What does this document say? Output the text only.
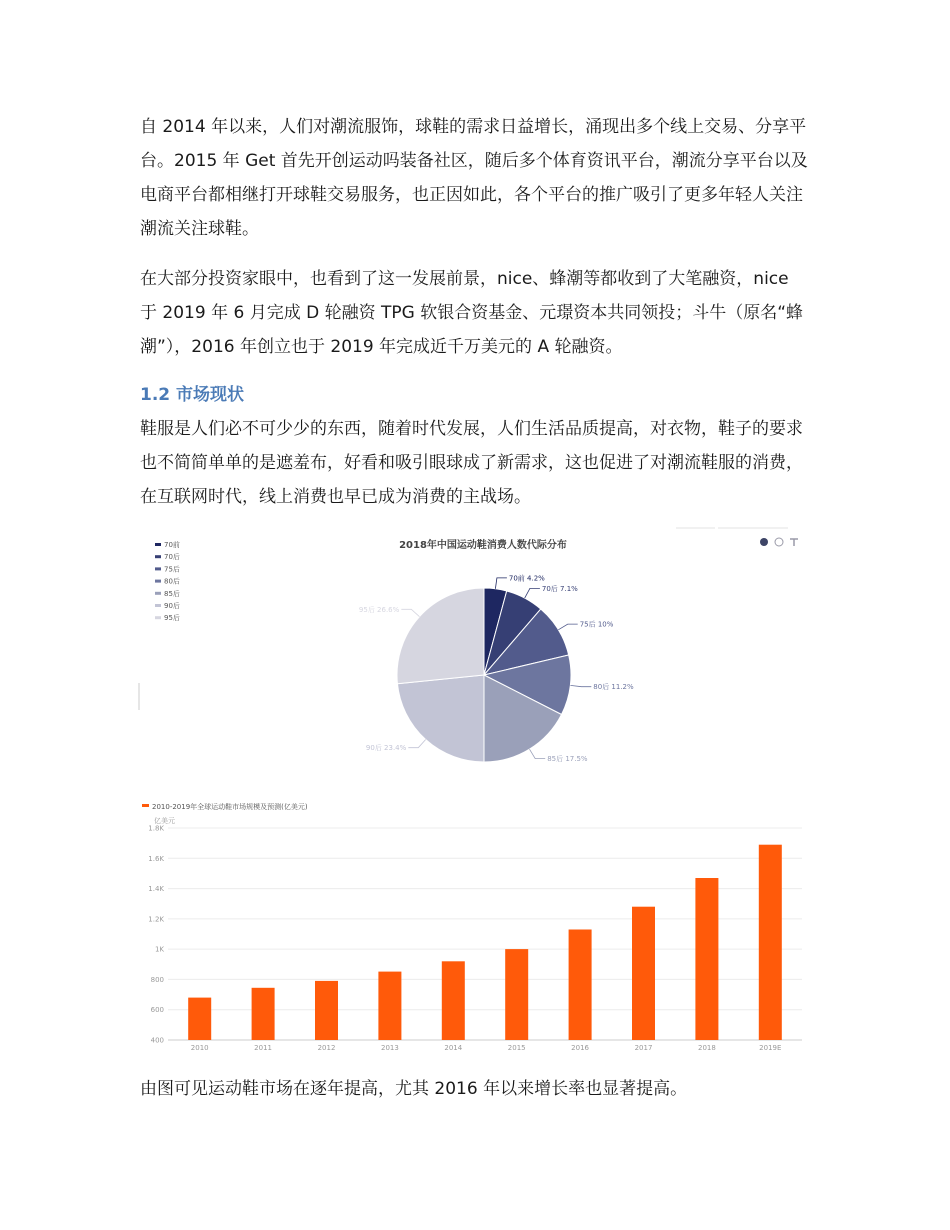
自 2014 年以来，人们对潮流服饰，球鞋的需求日益增长，涌现出多个线上交易、分享平
台。2015 年 Get 首先开创运动吗装备社区，随后多个体育资讯平台，潮流分享平台以及
电商平台都相继打开球鞋交易服务，也正因如此，各个平台的推广吸引了更多年轻人关注
潮流关注球鞋。
在大部分投资家眼中，也看到了这一发展前景，nice、蜂潮等都收到了大笔融资，nice
于 2019 年 6 月完成 D 轮融资 TPG 软银合资基金、元璟资本共同领投；斗牛（原名“蜂
潮”），2016 年创立也于 2019 年完成近千万美元的 A 轮融资。
1.2 市场现状
鞋服是人们必不可少少的东西，随着时代发展，人们生活品质提高，对衣物，鞋子的要求
也不简简单单的是遮羞布，好看和吸引眼球成了新需求，这也促进了对潮流鞋服的消费，
在互联网时代，线上消费也早已成为消费的主战场。
2018年中国运动鞋消费人数代际分布
70前
70后
75后
80后
85后
90后
95后
70前 4.2%
70后 7.1%
75后 10%
80后 11.2%
85后 17.5%
90后 23.4%
95后 26.6%
2010-2019年全球运动鞋市场规模及预测(亿美元)
亿美元
400
600
800
1K
1.2K
1.4K
1.6K
1.8K
2010	2011	2012	2013	2014	2015	2016	2017	2018	2019E
由图可见运动鞋市场在逐年提高，尤其 2016 年以来增长率也显著提高。
